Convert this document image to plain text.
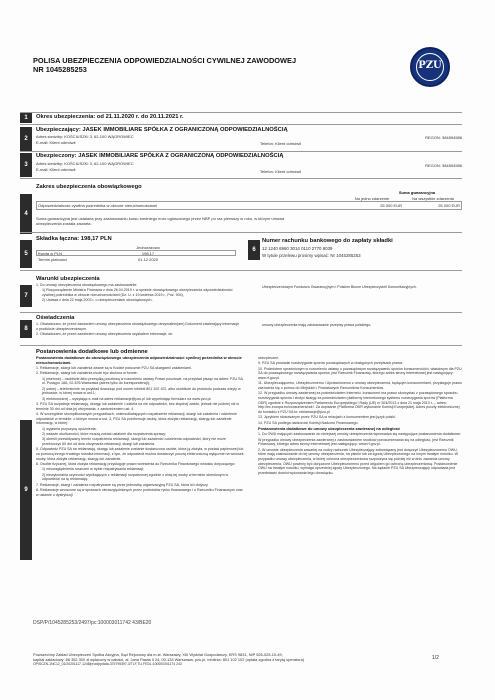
POLISA UBEZPIECZENIA ODPOWIEDZIALNOŚCI CYWILNEJ ZAWODOWEJ
NR 1045285253	PZU
1	Okres ubezpieczenia: od 21.11.2020 r. do 20.11.2021 r.
2
Ubezpieczający: JASEK IMMOBILIARE SPÓŁKA Z OGRANICZONĄ ODPOWIEDZIALNOŚCIĄ
Adres siedziby: KOŚCIUSZKI 3, 62-100 WĄGROWIEC	REGON: 384894586
E-mail: Klient odmówił	Telefon: Klient odmówił
3
Ubezpieczony: JASEK IMMOBILIARE SPÓŁKA Z OGRANICZONĄ ODPOWIEDZIALNOŚCIĄ
Adres siedziby: KOŚCIUSZKI 3, 62-100 WĄGROWIEC	REGON: 384894586
E-mail: Klient odmówił	Telefon: Klient odmówił
4
Zakres ubezpieczenia obowiązkowego
Suma gwarancyjna
Na jedno zdarzenie	Na wszystkie zdarzenia
Odpowiedzialność cywilna pośrednika w obrocie nieruchomościami	25 000 EUR	25 000 EUR
Suma gwarancyjna jest ustalana przy zastosowaniu kursu średniego euro ogłoszonego przez NBP po raz pierwszy w roku, w którym umowa ubezpieczenia została zawarta.
5
Składka łączna: 198,17 PLN
Jednorazowo
Kwota w PLN	198,17
Termin płatności	01.12.2020
6
Numer rachunku bankowego do zapłaty składki
12 1240 6960 3014 0110 2770 9039
W tytule przelewu prosimy wpisać: Nr 1045285253
7
Warunki ubezpieczenia
1. Do umowy ubezpieczenia obowiązkowego ma zastosowanie:
1) Rozporządzenie Ministra Finansów z dnia 26.04.2019 r. w sprawie obowiązkowego ubezpieczenia odpowiedzialności cywilnej pośrednika w obrocie nieruchomościami (Dz. U. z 19 kwietnia 2019 r., Poz. 904),
2) Ustawa z dnia 22 maja 2003 r. o ubezpieczeniach obowiązkowych,
Ubezpieczeniowym Funduszu Gwarancyjnym i Polskim Biurze Ubezpieczycieli Komunikacyjnych.
8
Oświadczenia
1. Oświadczam, że przed zawarciem umowy ubezpieczenia obowiązkowego otrzymałem(am) Dokument zawierający informacje o produkcie ubezpieczeniowym.
2. Oświadczam, że przed zawarciem umowy ubezpieczenia uzyskałem informacje, do
umowy ubezpieczenia mają zastosowanie przepisy prawa polskiego.
9
Postanowienia dodatkowe lub odmienne
Postanowienia dodatkowe do obowiązkowego ubezpieczenia odpowiedzialności cywilnej pośrednika w obrocie nieruchomościami.
1. Reklamacje, skargi lub zażalenia zwane są w Kodzie potocznie PZU SA skargami/ zażaleniami.
2. Reklamacje, skargi lub zażalenia może być złożona w formie:
1) pisemnej – osobiście albo przesyłką pocztową w rozumieniu ustawy Prawo pocztowe, na przykład pisząc na adres: PZU SA ul. Postępu 18A, 02-676 Warszawa (adres tylko do korespondencji);
2) ustnej – telefonicznie na przykład dzwoniąc pod numer infolinii 801 102 102, albo osobiście do protokołu podczas wizyty w jednostce, w której mowa w ust.1;
3) elektronicznej – wysyłając e-mail na adres reklamacje@pzu.pl lub wypełniając formularz na www.pzu.pl.
3. PZU SA rozpatruje reklamację, skargę lub zażalenie i udziela na nie odpowiedzi, bez zbędnej zwłoki, jednak nie później niż w terminie 30 dni od dnia jej otrzymania, z zastrzeżeniem ust. 4.
4. W szczególnie skomplikowanych przypadkach, uniemożliwiających rozpatrzenie reklamacji, skargi lub zażalenia i udzielenie odpowiedzi w terminie, o którym mowa w ust. 3, PZU SA poinformuje osobę, która złożyła reklamację, skargę lub zażalenie informację, w której:
1) wyjaśnia przyczynę opóźnienia;
2) wskaże okoliczności, które muszą zostać ustalone dla rozpatrzenia sprawy;
3) określi przewidywany termin rozpatrzenia reklamacji, skargi lub zażalenia i udzielenia odpowiedzi, który nie może przekroczyć 60 dni od dnia otrzymania reklamacji, skargi lub zażalenia.
5. Odpowiedź PZU SA na reklamację, skargę lub zażalenie zostanie dostarczona osobie, która ją złożyła, w postaci papierowej lub za pomocą innego trwałego nośnika informacji, z tym, że odpowiedź można dostarczyć pocztą elektroniczną wyłącznie na wniosek osoby, która złożyła reklamację, skargę lub zażalenie.
6. Osobie fizycznej, która złożyła reklamację przysługuje prawo wniesienia do Rzecznika Finansowego wniosku dotyczącego:
1) nieuwzględnienia roszczeń w trybie rozpatrywania reklamacji;
2) niewykonania czynności wynikających z reklamacji rozpatrzonej zgodnie z wolą tej osoby w terminie określonym w odpowiedzi na tę reklamację.
7. Reklamacje, skargi i zażalenia rozpatrywane są przez jednostkę organizacyjną PZU SA, która ich dotyczy.
8. Reklamacje wnoszone są w sprawach nieuwzględnionych przez podmiotów rynku finansowego i o Rzeczniku Finansowym oraz w ustawie o dystrybucji
ubezpieczeń.
9. PZU SA prowadzi rozstrzyganie sporów pozasądowych w dostępnych przepisach prawa.
10. Podmiotem uprawnionym w rozumieniu ustawy o pozasądowym rozwiązywaniu sporów konsumenckich, właściwym dla PZU SA do pozasądowego rozwiązywania sporów, jest Rzecznik Finansowy, którego adres strony internetowej jest następujący: www.rf.gov.pl.
11. Ubezpieczającemu, Ubezpieczonemu i Uprawnionemu z umowy ubezpieczenia, będącym konsumentami, przysługuje prawo zwrócenia się o pomoc do Miejskich i Powiatowych Rzeczników Konsumentów.
12. W przypadku umowy zawieranej za pośrednictwem Internetu, konsument ma prawo skorzystać z pozasądowego sposobu rozstrzygania sporów i złożyć skargę za pośrednictwem platformy internetowego systemu rozstrzygania sporów (Platforma ODR) zgodnie z Rozporządzeniem Parlamentu Europejskiego i Rady (UE) nr 524/2013 z dnia 21 maja 2013 r. – adres: http://ec.europa.eu/consumers/odr/. Za dopisanie (Platforma ODR wykonanie Komisji Europejskiej. Adres poczty elektronicznej do kontaktu z PZU SA to: reklamacje@pzu.pl
13. Językiem stosowanym przez PZU SA w relacjach z konsumentem jest język polski.
14. PZU SA podlega nadzorowi Komisji Nadzoru Finansowego.
Postanowienia dodatkowe do umowy ubezpieczenia zawieranej na odległość
1. Do OWU mających zastosowanie do niniejszej umowy ubezpieczenia wprowadza się następujące postanowienia dodatkowe:
W przypadku umowy ubezpieczenia zawieranej z zastosowaniem środków porozumiewania się na odległość, jest Rzecznik Finansowy, którego adres strony internetowej jest następujący: www.rf.gov.pl.
2. W umowie ubezpieczenia zawartej na cudzy rachunek Ubezpieczający zobowiązany jest doręczyć Ubezpieczonemu OWU, które mają zastosowanie do tej umowy ubezpieczenia, na piśmie lub za zgodą Ubezpieczonego na innym trwałym nośniku. W przypadku umowy ubezpieczenia, w której ochrona ubezpieczeniowa rozpoczyna się później niż w dniu zawarcia umowy ubezpieczenia, OWU powinny być doręczone Ubezpieczonemu przed objęciem go ochroną ubezpieczeniową. Postanowienie OWU na trwałym nośniku, wymaga uprzedniej zgody Ubezpieczonego. Na żądanie PZU SA Ubezpieczający odpowiada jest przedstawić dowód wykonania tego obowiązku.
DSP/P/1045285253/2497/pc:100003011742 43/BE20
Powszechny Zakład Ubezpieczeń Spółka Akcyjna, Sąd Rejonowy dla m.st. Warszawy, XIII Wydział Gospodarczy, KRS 9831, NIP 526-025-10-49,
kapitał zakładowy: 86 352 300 zł wpłacony w całości, al. Jana Pawła II 24, 00-133 Warszawa, pzu.pl, infolinia: 801 102 102 (opłata zgodna z taryfą operatora)
OPISCZN-1NC12_01/20201117-1248/prod/ppdata-375795397-3/TLF,TLI,FEDL:100000301174 243
1/2
